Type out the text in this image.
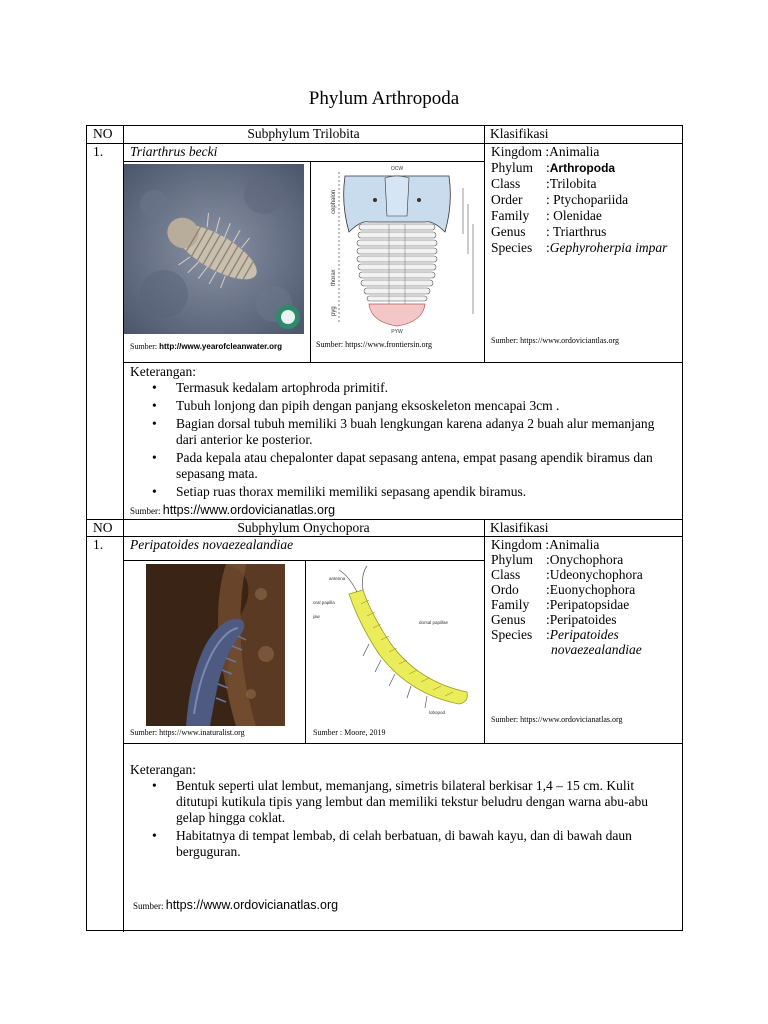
Phylum Arthropoda
NO	Subphylum Trilobita	Klasifikasi
1. Triarthrus becki
Sumber: http://www.yearofcleanwater.org
cephalon
thorax
pyg
OCW
PYW
Sumber: https://www.frontiersin.org
Kingdom :Animalia
Phylum :Arthropoda
Class :Trilobita
Order : Ptychopariida
Family : Olenidae
Genus : Triarthrus
Species :Gephyroherpia impar
Sumber: https://www.ordoviciantlas.org
Keterangan:
• Termasuk kedalam artophroda primitif.
• Tubuh lonjong dan pipih dengan panjang eksoskeleton mencapai 3cm .
• Bagian dorsal tubuh memiliki 3 buah lengkungan karena adanya 2 buah alur memanjang dari anterior ke posterior.
• Pada kepala atau chepalonter dapat sepasang antena, empat pasang apendik biramus dan sepasang mata.
• Setiap ruas thorax memiliki memiliki sepasang apendik biramus.
Sumber: https://www.ordovicianatlas.org
NO	Subphylum Onychopora	Klasifikasi
1. Peripatoides novaezealandiae
Sumber: https://www.inaturalist.org
antenna
oral papilla
jaw
dorsal papillae
lobopod
Sumber : Moore, 2019
Kingdom :Animalia
Phylum :Onychophora
Class :Udeonychophora
Ordo :Euonychophora
Family :Peripatopsidae
Genus :Peripatoides
Species :Peripatoides
novaezealandiae
Sumber: https://www.ordovicianatlas.org
Keterangan:
• Bentuk seperti ulat lembut, memanjang, simetris bilateral berkisar 1,4 – 15 cm. Kulit ditutupi kutikula tipis yang lembut dan memiliki tekstur beludru dengan warna abu-abu gelap hingga coklat.
• Habitatnya di tempat lembab, di celah berbatuan, di bawah kayu, dan di bawah daun berguguran.
Sumber: https://www.ordovicianatlas.org
